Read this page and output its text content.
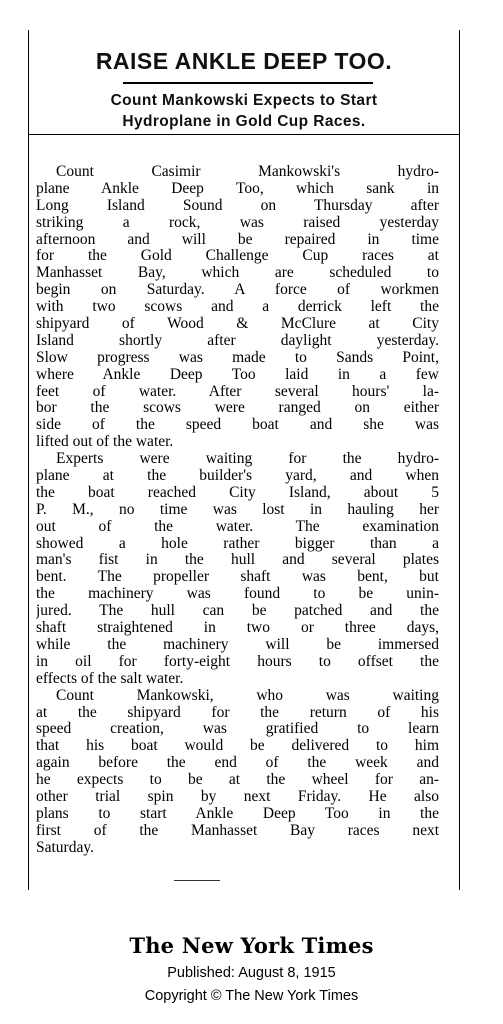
RAISE ANKLE DEEP TOO.
Count Mankowski Expects to Start
Hydroplane in Gold Cup Races.
Count Casimir Mankowski's hydro-
plane Ankle Deep Too, which sank in
Long Island Sound on Thursday after
striking a rock, was raised yesterday
afternoon and will be repaired in time
for the Gold Challenge Cup races at
Manhasset Bay, which are scheduled to
begin on Saturday. A force of workmen
with two scows and a derrick left the
shipyard of Wood & McClure at City
Island shortly after daylight yesterday.
Slow progress was made to Sands Point,
where Ankle Deep Too laid in a few
feet of water. After several hours' la-
bor the scows were ranged on either
side of the speed boat and she was
lifted out of the water.
Experts were waiting for the hydro-
plane at the builder's yard, and when
the boat reached City Island, about 5
P. M., no time was lost in hauling her
out of the water. The examination
showed a hole rather bigger than a
man's fist in the hull and several plates
bent. The propeller shaft was bent, but
the machinery was found to be unin-
jured. The hull can be patched and the
shaft straightened in two or three days,
while the machinery will be immersed
in oil for forty-eight hours to offset the
effects of the salt water.
Count Mankowski, who was waiting
at the shipyard for the return of his
speed creation, was gratified to learn
that his boat would be delivered to him
again before the end of the week and
he expects to be at the wheel for an-
other trial spin by next Friday. He also
plans to start Ankle Deep Too in the
first of the Manhasset Bay races next
Saturday.
The New York Times
Published: August 8, 1915
Copyright © The New York Times
